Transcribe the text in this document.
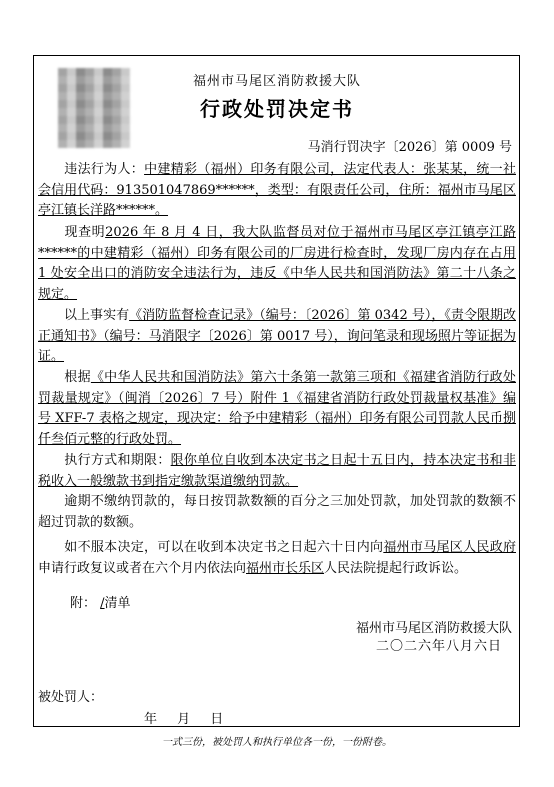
福州市马尾区消防救援大队
行政处罚决定书
马消行罚决字〔2026〕第 0009 号
  违法行为人：中建精彩（福州）印务有限公司，法定代表人：张某某，统一社会信用代码：913501047869******，类型：有限责任公司，住所：福州市马尾区亭江镇长洋路******。
  现查明2026 年 8 月 4 日，我大队监督员对位于福州市马尾区亭江镇亭江路******的中建精彩（福州）印务有限公司的厂房进行检查时，发现厂房内存在占用 1 处安全出口的消防安全违法行为，违反《中华人民共和国消防法》第二十八条之规定。
  以上事实有《消防监督检查记录》（编号：〔2026〕第 0342 号），《责令限期改正通知书》（编号：马消限字〔2026〕第 0017 号），询问笔录和现场照片等证据为证。
  根据《中华人民共和国消防法》第六十条第一款第三项和《福建省消防行政处罚裁量规定》（闽消〔2026〕7 号）附件 1《福建省消防行政处罚裁量权基准》编号 XFF-7 表格之规定，现决定：给予中建精彩（福州）印务有限公司罚款人民币捌仟叁佰元整的行政处罚。
  执行方式和期限：限你单位自收到本决定书之日起十五日内，持本决定书和非税收入一般缴款书到指定缴款渠道缴纳罚款。
  逾期不缴纳罚款的，每日按罚款数额的百分之三加处罚款，加处罚款的数额不超过罚款的数额。
  如不服本决定，可以在收到本决定书之日起六十日内向福州市马尾区人民政府申请行政复议或者在六个月内依法向福州市长乐区人民法院提起行政诉讼。
附： /清单
福州市马尾区消防救援大队
二〇二六年八月六日
被处罚人：
年 月 日
一式三份，被处罚人和执行单位各一份，一份附卷。
